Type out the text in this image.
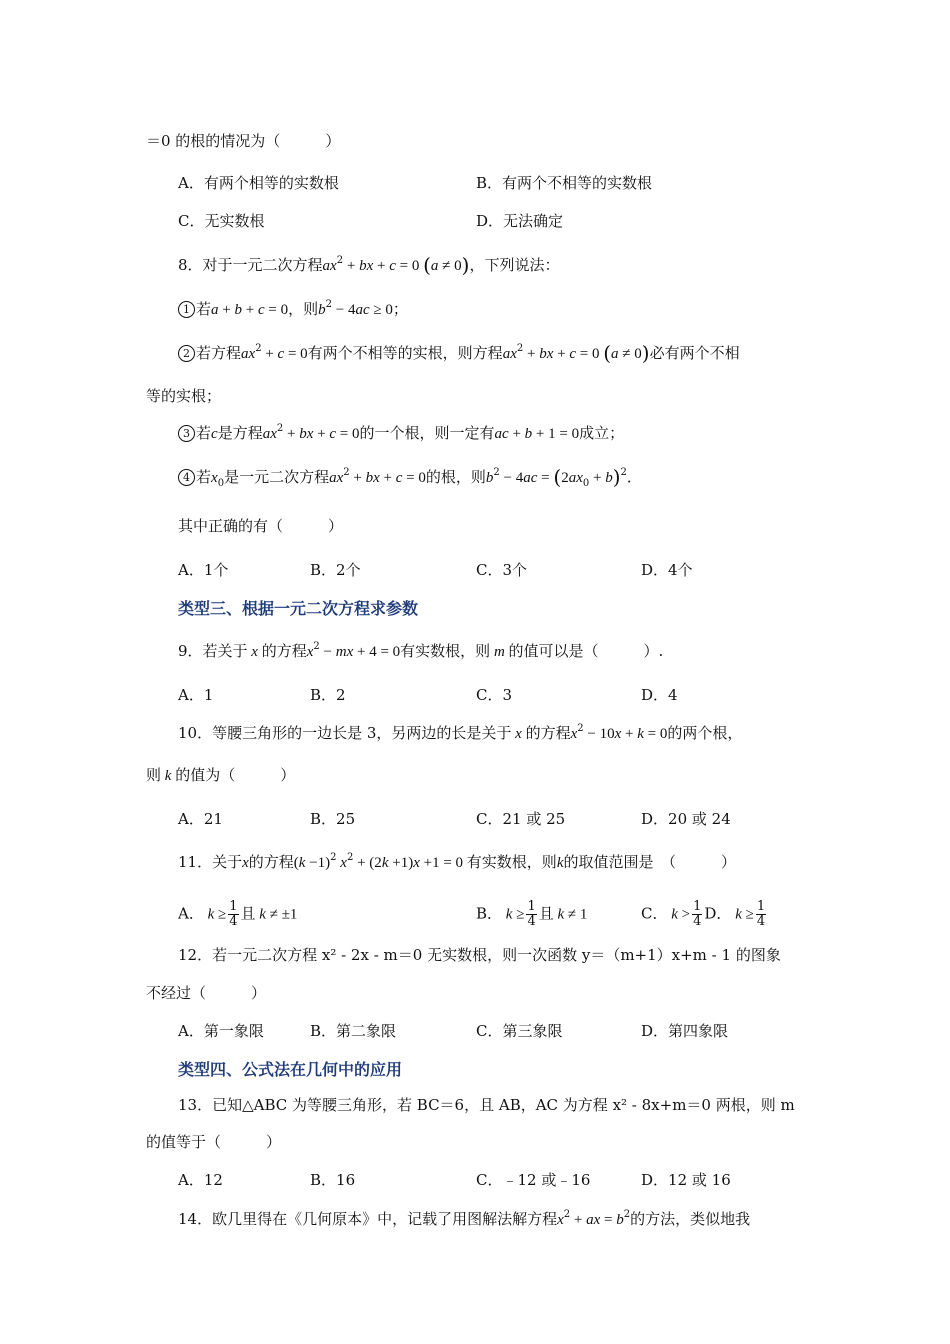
＝0 的根的情况为（　　　）
A．有两个相等的实数根	B．有两个不相等的实数根
C．无实数根	D．无法确定
8．对于一元二次方程$ax^2$ + bx + c = 0 (a ≠ 0)，下列说法：
1 若a + b + c = 0，则$b^2 - 4ac \ge 0$；
2 若方程$ax^2 + c = 0$有两个不相等的实根，则方程$ax^2$ + bx + c = 0 (a ≠ 0)必有两个不相
等的实根；
3 若c是方程$ax^2$ + bx + c = 0的一个根，则一定有ac + b + 1 = 0成立；
4 若$x_0$是一元二次方程$ax^2$ + bx + c = 0的根，则$b^2 - 4ac = (2ax_0 + b)^2$．
其中正确的有（　　　）
A．1个	B．2个	C．3个	D．4个
类型三、根据一元二次方程求参数
9．若关于 x 的方程$x^2$ − mx + 4 = 0有实数根，则 m 的值可以是（　　　）.
A．1	B．2	C．3	D．4
10．等腰三角形的一边长是 3，另两边的长是关于 x 的方程$x^2 - 10x + k = 0$的两个根，
则 k 的值为（　　　）
A．21	B．25	C．21 或 25	D．20 或 24
11．关于x的方程$(k -1)^2$ $x^2 + (2k +1)x +1 = 0$ 有实数根，则k的取值范围是　（　　　）
A． $k \ge \frac{1}{4}$ 且 k ≠ ±1	B． $k \ge \frac{1}{4}$ 且 k ≠ 1	C． $k > \frac{1}{4}$ D． $k \ge \frac{1}{4}$
12．若一元二次方程 x² - 2x - m＝0 无实数根，则一次函数 y＝（m+1）x+m - 1 的图象
不经过（　　　）
A．第一象限	B．第二象限	C．第三象限	D．第四象限
类型四、公式法在几何中的应用
13．已知△ABC 为等腰三角形，若 BC＝6，且 AB，AC 为方程 x² - 8x+m＝0 两根，则 m
的值等于（　　　）
A．12	B．16	C．﹣12 或﹣16	D．12 或 16
14．欧几里得在《几何原本》中，记载了用图解法解方程$x^2$ + ax = $b^2$的方法，类似地我
